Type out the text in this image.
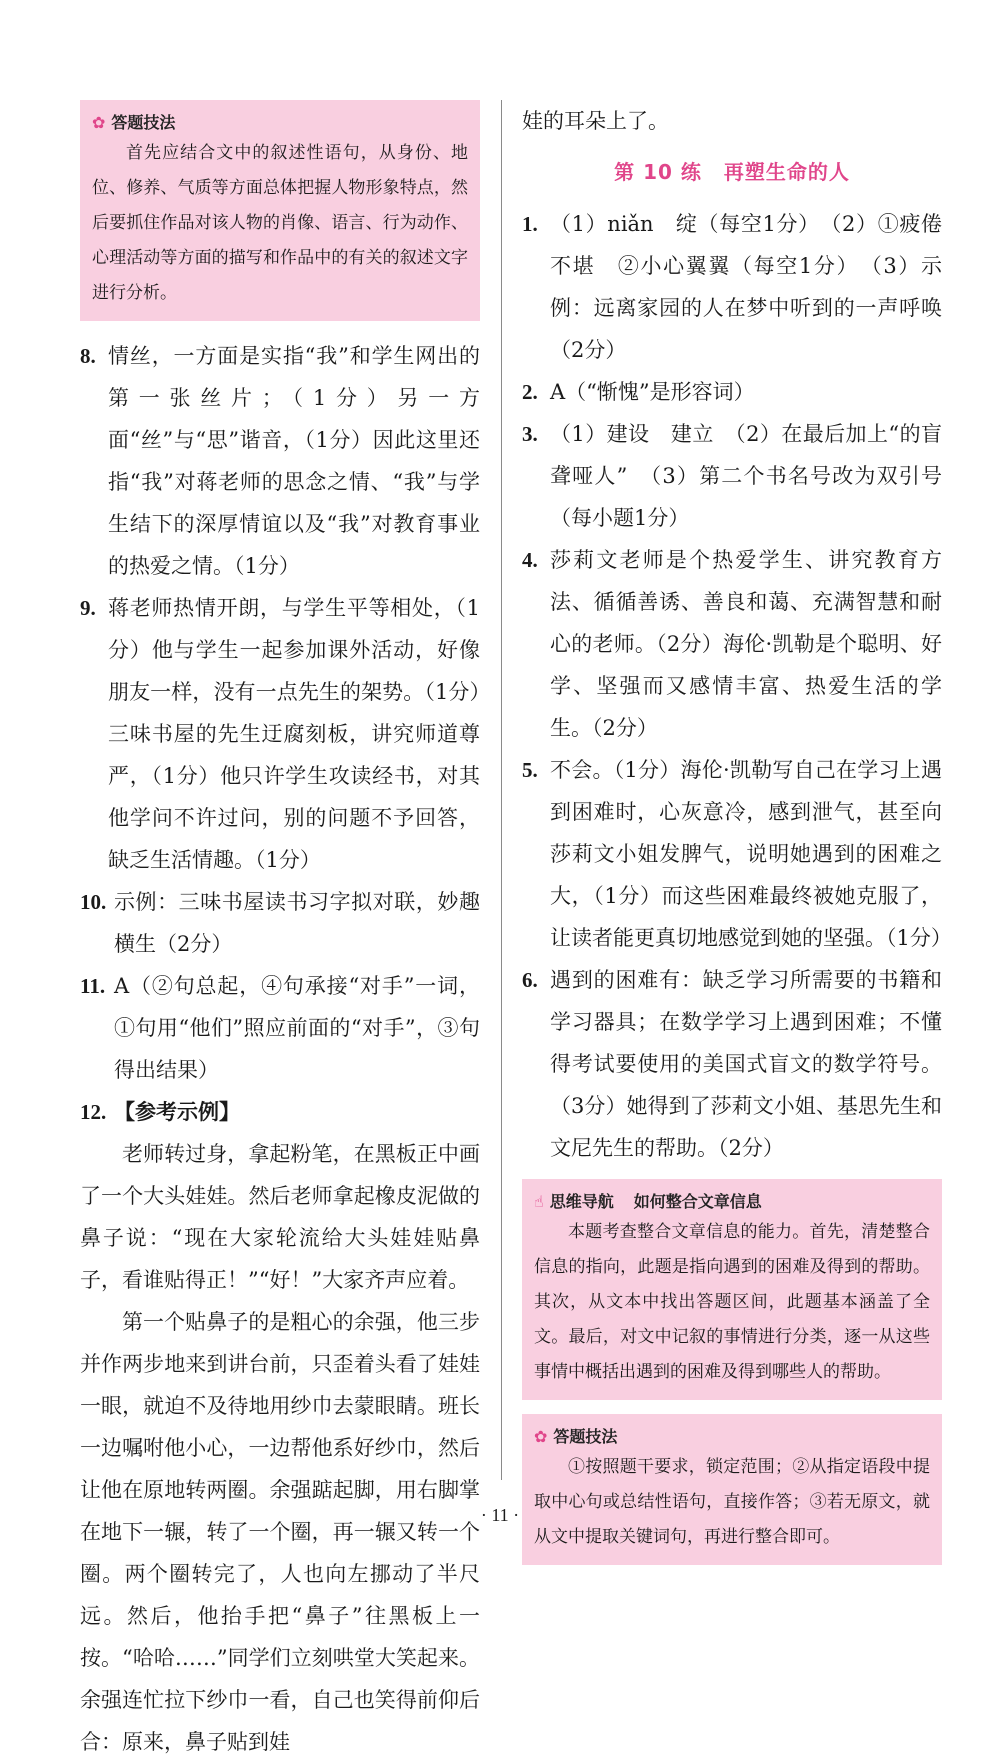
✿ 答题技法

首先应结合文中的叙述性语句，从身份、地位、修养、气质等方面总体把握人物形象特点，然后要抓住作品对该人物的肖像、语言、行为动作、心理活动等方面的描写和作品中的有关的叙述文字进行分析。

8. 情丝，一方面是实指“我”和学生网出的第一张丝片；（1分）另一方面“丝”与“思”谐音，（1分）因此这里还指“我”对蒋老师的思念之情、“我”与学生结下的深厚情谊以及“我”对教育事业的热爱之情。（1分）
9. 蒋老师热情开朗，与学生平等相处，（1分）他与学生一起参加课外活动，好像朋友一样，没有一点先生的架势。（1分）三味书屋的先生迂腐刻板，讲究师道尊严，（1分）他只许学生攻读经书，对其他学问不许过问，别的问题不予回答，缺乏生活情趣。（1分）
10. 示例：三味书屋读书习字拟对联，妙趣横生（2分）
11. A（②句总起，④句承接“对手”一词，①句用“他们”照应前面的“对手”，③句得出结果）
12. 【参考示例】

老师转过身，拿起粉笔，在黑板正中画了一个大头娃娃。然后老师拿起橡皮泥做的鼻子说：“现在大家轮流给大头娃娃贴鼻子，看谁贴得正！”“好！”大家齐声应着。

第一个贴鼻子的是粗心的余强，他三步并作两步地来到讲台前，只歪着头看了娃娃一眼，就迫不及待地用纱巾去蒙眼睛。班长一边嘱咐他小心，一边帮他系好纱巾，然后让他在原地转两圈。余强踮起脚，用右脚掌在地下一辗，转了一个圈，再一辗又转一个圈。两个圈转完了，人也向左挪动了半尺远。然后，他抬手把“鼻子”往黑板上一按。“哈哈……”同学们立刻哄堂大笑起来。余强连忙拉下纱巾一看，自己也笑得前仰后合：原来，鼻子贴到娃

娃的耳朵上了。

第 10 练 再塑生命的人
1. （1）niǎn　绽（每空1分）　（2）①疲倦不堪　②小心翼翼（每空1分）　（3）示例：远离家园的人在梦中听到的一声呼唤（2分）
2. A（“惭愧”是形容词）
3. （1）建设　建立　（2）在最后加上“的盲聋哑人”　（3）第二个书名号改为双引号（每小题1分）
4. 莎莉文老师是个热爱学生、讲究教育方法、循循善诱、善良和蔼、充满智慧和耐心的老师。（2分）海伦·凯勒是个聪明、好学、坚强而又感情丰富、热爱生活的学生。（2分）
5. 不会。（1分）海伦·凯勒写自己在学习上遇到困难时，心灰意冷，感到泄气，甚至向莎莉文小姐发脾气，说明她遇到的困难之大，（1分）而这些困难最终被她克服了，让读者能更真切地感觉到她的坚强。（1分）
6. 遇到的困难有：缺乏学习所需要的书籍和学习器具；在数学学习上遇到困难；不懂得考试要使用的美国式盲文的数学符号。（3分）她得到了莎莉文小姐、基思先生和文尼先生的帮助。（2分）
☝ 思维导航 如何整合文章信息

本题考查整合文章信息的能力。首先，清楚整合信息的指向，此题是指向遇到的困难及得到的帮助。其次，从文本中找出答题区间，此题基本涵盖了全文。最后，对文中记叙的事情进行分类，逐一从这些事情中概括出遇到的困难及得到哪些人的帮助。

✿ 答题技法

①按照题干要求，锁定范围；②从指定语段中提取中心句或总结性语句，直接作答；③若无原文，就从文中提取关键词句，再进行整合即可。

· 11 ·
